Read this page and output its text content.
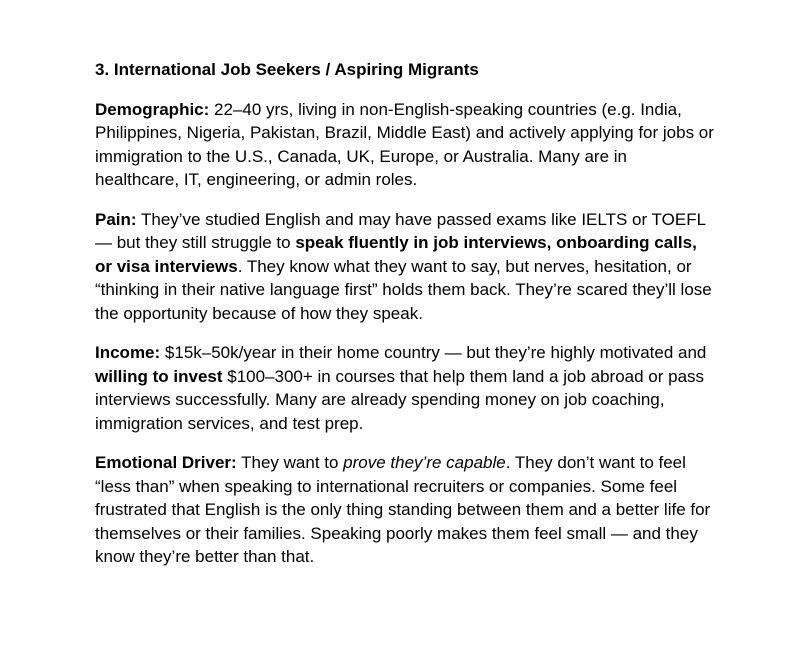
3. International Job Seekers / Aspiring Migrants

Demographic: 22–40 yrs, living in non-English-speaking countries (e.g. India, Philippines, Nigeria, Pakistan, Brazil, Middle East) and actively applying for jobs or immigration to the U.S., Canada, UK, Europe, or Australia. Many are in healthcare, IT, engineering, or admin roles.

Pain: They’ve studied English and may have passed exams like IELTS or TOEFL — but they still struggle to speak fluently in job interviews, onboarding calls, or visa interviews. They know what they want to say, but nerves, hesitation, or “thinking in their native language first” holds them back. They’re scared they’ll lose the opportunity because of how they speak.

Income: $15k–50k/year in their home country — but they’re highly motivated and willing to invest $100–300+ in courses that help them land a job abroad or pass interviews successfully. Many are already spending money on job coaching, immigration services, and test prep.

Emotional Driver: They want to prove they’re capable. They don’t want to feel “less than” when speaking to international recruiters or companies. Some feel frustrated that English is the only thing standing between them and a better life for themselves or their families. Speaking poorly makes them feel small — and they know they’re better than that.
